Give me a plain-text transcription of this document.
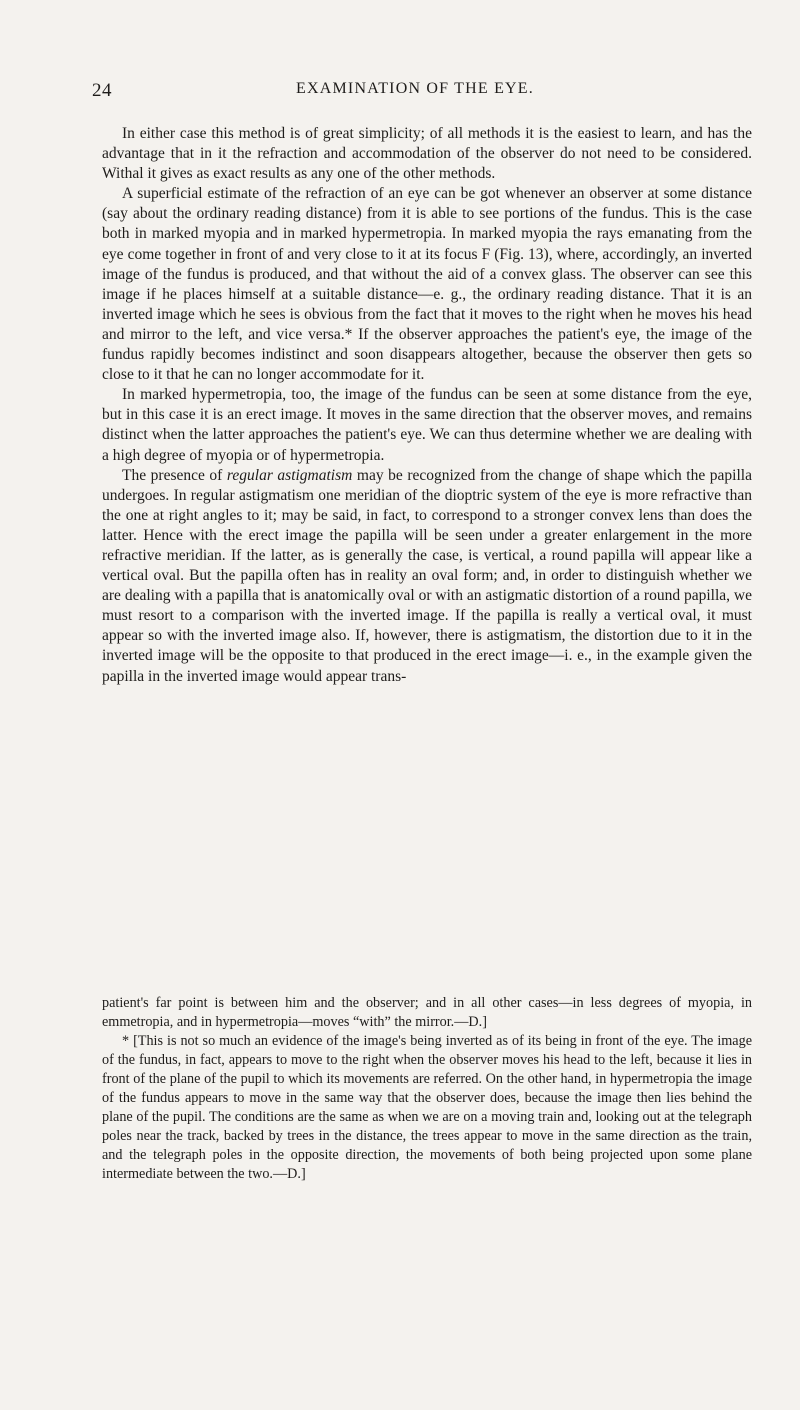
24	EXAMINATION OF THE EYE.

In either case this method is of great simplicity; of all methods it is the easiest to learn, and has the advantage that in it the refraction and accommodation of the observer do not need to be considered. Withal it gives as exact results as any one of the other methods.

A superficial estimate of the refraction of an eye can be got whenever an observer at some distance (say about the ordinary reading distance) from it is able to see portions of the fundus. This is the case both in marked myopia and in marked hypermetropia. In marked myopia the rays emanating from the eye come together in front of and very close to it at its focus F (Fig. 13), where, accordingly, an inverted image of the fundus is produced, and that without the aid of a convex glass. The observer can see this image if he places himself at a suitable distance—e. g., the ordinary reading distance. That it is an inverted image which he sees is obvious from the fact that it moves to the right when he moves his head and mirror to the left, and vice versa.* If the observer approaches the patient's eye, the image of the fundus rapidly becomes indistinct and soon disappears altogether, because the observer then gets so close to it that he can no longer accommodate for it.

In marked hypermetropia, too, the image of the fundus can be seen at some distance from the eye, but in this case it is an erect image. It moves in the same direction that the observer moves, and remains distinct when the latter approaches the patient's eye. We can thus determine whether we are dealing with a high degree of myopia or of hypermetropia.

The presence of regular astigmatism may be recognized from the change of shape which the papilla undergoes. In regular astigmatism one meridian of the dioptric system of the eye is more refractive than the one at right angles to it; may be said, in fact, to correspond to a stronger convex lens than does the latter. Hence with the erect image the papilla will be seen under a greater enlargement in the more refractive meridian. If the latter, as is generally the case, is vertical, a round papilla will appear like a vertical oval. But the papilla often has in reality an oval form; and, in order to distinguish whether we are dealing with a papilla that is anatomically oval or with an astigmatic distortion of a round papilla, we must resort to a comparison with the inverted image. If the papilla is really a vertical oval, it must appear so with the inverted image also. If, however, there is astigmatism, the distortion due to it in the inverted image will be the opposite to that produced in the erect image—i. e., in the example given the papilla in the inverted image would appear trans-

patient's far point is between him and the observer; and in all other cases—in less degrees of myopia, in emmetropia, and in hypermetropia—moves “with” the mirror.—D.]

* [This is not so much an evidence of the image's being inverted as of its being in front of the eye. The image of the fundus, in fact, appears to move to the right when the observer moves his head to the left, because it lies in front of the plane of the pupil to which its movements are referred. On the other hand, in hypermetropia the image of the fundus appears to move in the same way that the observer does, because the image then lies behind the plane of the pupil. The conditions are the same as when we are on a moving train and, looking out at the telegraph poles near the track, backed by trees in the distance, the trees appear to move in the same direction as the train, and the telegraph poles in the opposite direction, the movements of both being projected upon some plane intermediate between the two.—D.]
